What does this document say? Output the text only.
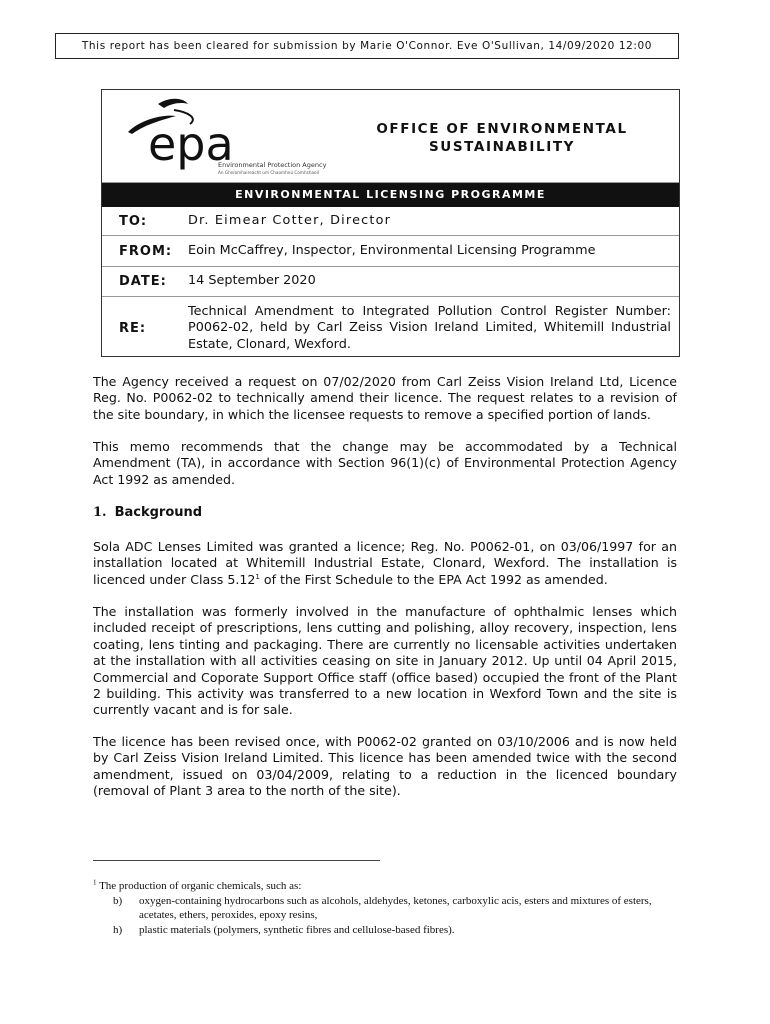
This report has been cleared for submission by Marie O'Connor. Eve O'Sullivan, 14/09/2020 12:00
epa
Environmental Protection Agency
An Ghníomhaireacht um Chaomhnú Comhshaoil
OFFICE OF ENVIRONMENTAL
SUSTAINABILITY
ENVIRONMENTAL LICENSING PROGRAMME
TO:	Dr. Eimear Cotter, Director
FROM:	Eoin McCaffrey, Inspector, Environmental Licensing Programme
DATE:	14 September 2020
RE:
Technical Amendment to Integrated Pollution Control Register Number: P0062-02, held by Carl Zeiss Vision Ireland Limited, Whitemill Industrial Estate, Clonard, Wexford.

The Agency received a request on 07/02/2020 from Carl Zeiss Vision Ireland Ltd, Licence Reg. No. P0062-02 to technically amend their licence. The request relates to a revision of the site boundary, in which the licensee requests to remove a specified portion of lands.

This memo recommends that the change may be accommodated by a Technical Amendment (TA), in accordance with Section 96(1)(c) of Environmental Protection Agency Act 1992 as amended.

1. Background

Sola ADC Lenses Limited was granted a licence; Reg. No. P0062-01, on 03/06/1997 for an installation located at Whitemill Industrial Estate, Clonard, Wexford. The installation is licenced under Class 5.12$^1$ of the First Schedule to the EPA Act 1992 as amended.

The installation was formerly involved in the manufacture of ophthalmic lenses which included receipt of prescriptions, lens cutting and polishing, alloy recovery, inspection, lens coating, lens tinting and packaging. There are currently no licensable activities undertaken at the installation with all activities ceasing on site in January 2012. Up until 04 April 2015, Commercial and Coporate Support Office staff (office based) occupied the front of the Plant 2 building. This activity was transferred to a new location in Wexford Town and the site is currently vacant and is for sale.

The licence has been revised once, with P0062-02 granted on 03/10/2006 and is now held by Carl Zeiss Vision Ireland Limited. This licence has been amended twice with the second amendment, issued on 03/04/2009, relating to a reduction in the licenced boundary (removal of Plant 3 area to the north of the site).

$^1$ The production of organic chemicals, such as:
b)	oxygen-containing hydrocarbons such as alcohols, aldehydes, ketones, carboxylic acis, esters and mixtures of esters, acetates, ethers, peroxides, epoxy resins,
h)	plastic materials (polymers, synthetic fibres and cellulose-based fibres).
